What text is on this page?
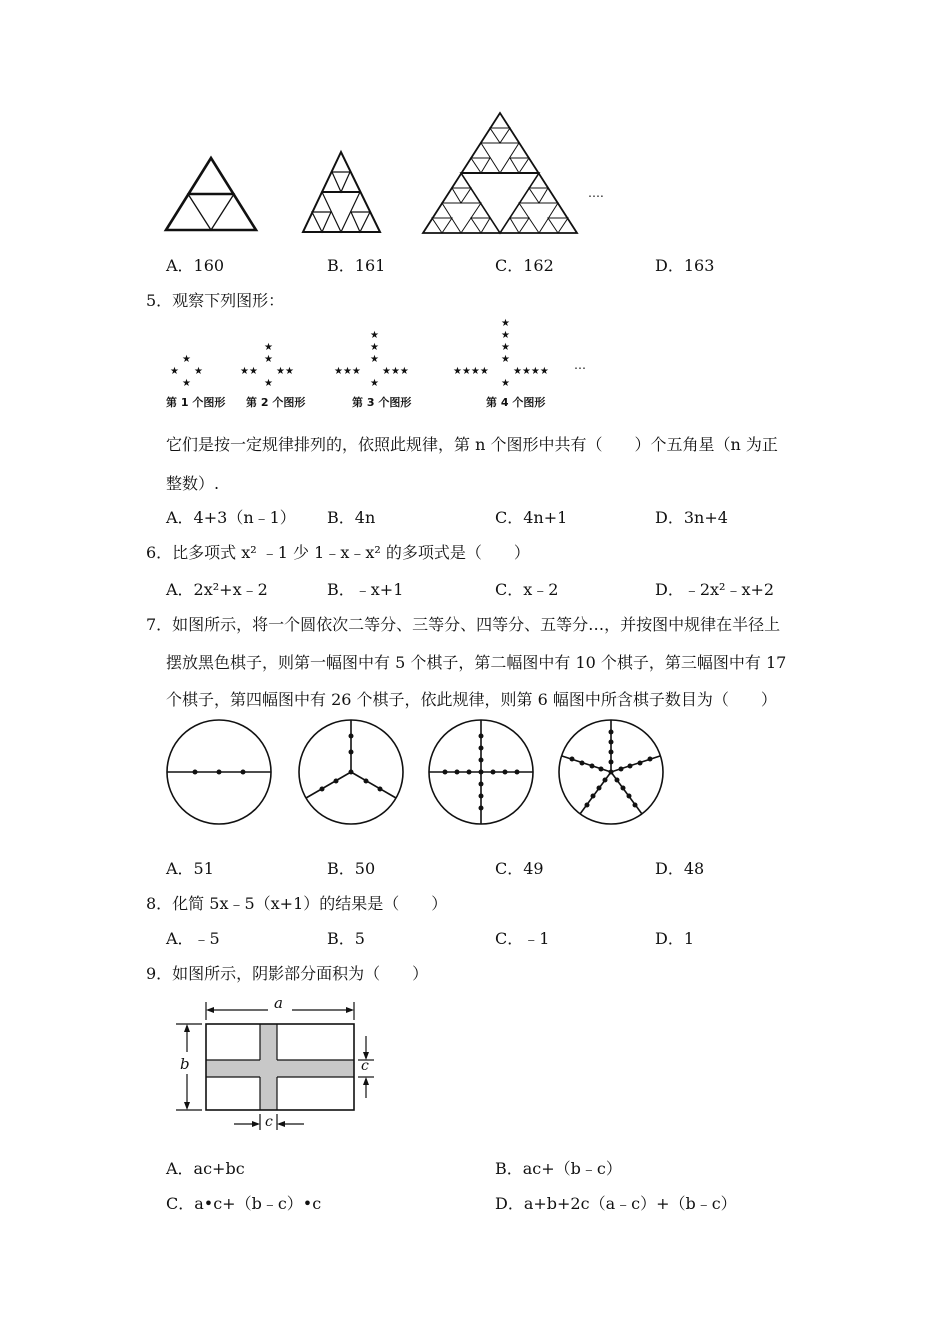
….
A．160	B．161	C．162	D．163
5．观察下列图形：
★
★ ★
★
★
★
★★ ★★
★
★
★
★
★★★ ★★★
★
★
★
★
★
★★★★ ★★★★
★
…
第 1 个图形 第 2 个图形	第 3 个图形	第 4 个图形
它们是按一定规律排列的，依照此规律，第 n 个图形中共有（　　）个五角星（n 为正
整数）.
A．4+3（n﹣1） B．4n	C．4n+1	D．3n+4
6．比多项式 x² ﹣1 少 1﹣x﹣x² 的多项式是（　　）
A．2x²+x﹣2	B．﹣x+1	C．x﹣2	D．﹣2x²﹣x+2
7．如图所示，将一个圆依次二等分、三等分、四等分、五等分…，并按图中规律在半径上
摆放黑色棋子，则第一幅图中有 5 个棋子，第二幅图中有 10 个棋子，第三幅图中有 17
个棋子，第四幅图中有 26 个棋子，依此规律，则第 6 幅图中所含棋子数目为（　　）
A．51	B．50	C．49	D．48
8．化简 5x﹣5（x+1）的结果是（　　）
A．﹣5	B．5	C．﹣1	D．1
9．如图所示，阴影部分面积为（　　）
a
b	c
c
A．ac+bc	B．ac+（b﹣c）
C．a•c+（b﹣c）•c	D．a+b+2c（a﹣c）+（b﹣c）
